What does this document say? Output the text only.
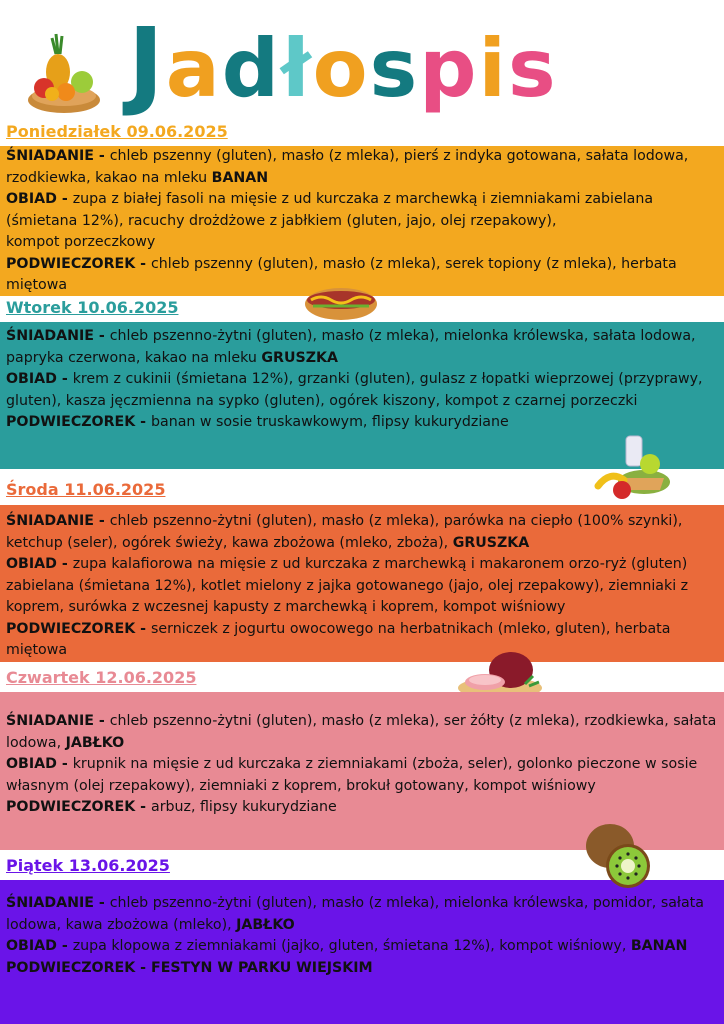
Jadłospis
Poniedziałek 09.06.2025

ŚNIADANIE - chleb pszenny (gluten), masło (z mleka), pierś z indyka gotowana, sałata lodowa, rzodkiewka, kakao na mleku BANAN

OBIAD - zupa z białej fasoli na mięsie z ud kurczaka z marchewką i ziemniakami zabielana (śmietana 12%), racuchy drożdżowe z jabłkiem (gluten, jajo, olej rzepakowy),
kompot porzeczkowy

PODWIECZOREK - chleb pszenny (gluten), masło (z mleka), serek topiony (z mleka), herbata miętowa

Wtorek 10.06.2025

ŚNIADANIE - chleb pszenno-żytni (gluten), masło (z mleka), mielonka królewska, sałata lodowa, papryka czerwona, kakao na mleku GRUSZKA

OBIAD - krem z cukinii (śmietana 12%), grzanki (gluten), gulasz z łopatki wieprzowej (przyprawy, gluten), kasza jęczmienna na sypko (gluten), ogórek kiszony, kompot z czarnej porzeczki

PODWIECZOREK - banan w sosie truskawkowym, flipsy kukurydziane

Środa 11.06.2025

ŚNIADANIE - chleb pszenno-żytni (gluten), masło (z mleka), parówka na ciepło (100% szynki), ketchup (seler), ogórek świeży, kawa zbożowa (mleko, zboża), GRUSZKA

OBIAD - zupa kalafiorowa na mięsie z ud kurczaka z marchewką i makaronem orzo-ryż (gluten) zabielana (śmietana 12%), kotlet mielony z jajka gotowanego (jajo, olej rzepakowy), ziemniaki z koprem, surówka z wczesnej kapusty z marchewką i koprem, kompot wiśniowy

PODWIECZOREK - serniczek z jogurtu owocowego na herbatnikach (mleko, gluten), herbata miętowa

Czwartek 12.06.2025

ŚNIADANIE - chleb pszenno-żytni (gluten), masło (z mleka), ser żółty (z mleka), rzodkiewka, sałata lodowa, JABŁKO

OBIAD - krupnik na mięsie z ud kurczaka z ziemniakami (zboża, seler), golonko pieczone w sosie własnym (olej rzepakowy), ziemniaki z koprem, brokuł gotowany, kompot wiśniowy

PODWIECZOREK - arbuz, flipsy kukurydziane

Piątek 13.06.2025

ŚNIADANIE - chleb pszenno-żytni (gluten), masło (z mleka), mielonka królewska, pomidor, sałata lodowa, kawa zbożowa (mleko), JABŁKO

OBIAD - zupa klopowa z ziemniakami (jajko, gluten, śmietana 12%), kompot wiśniowy, BANAN

PODWIECZOREK - FESTYN W PARKU WIEJSKIM
